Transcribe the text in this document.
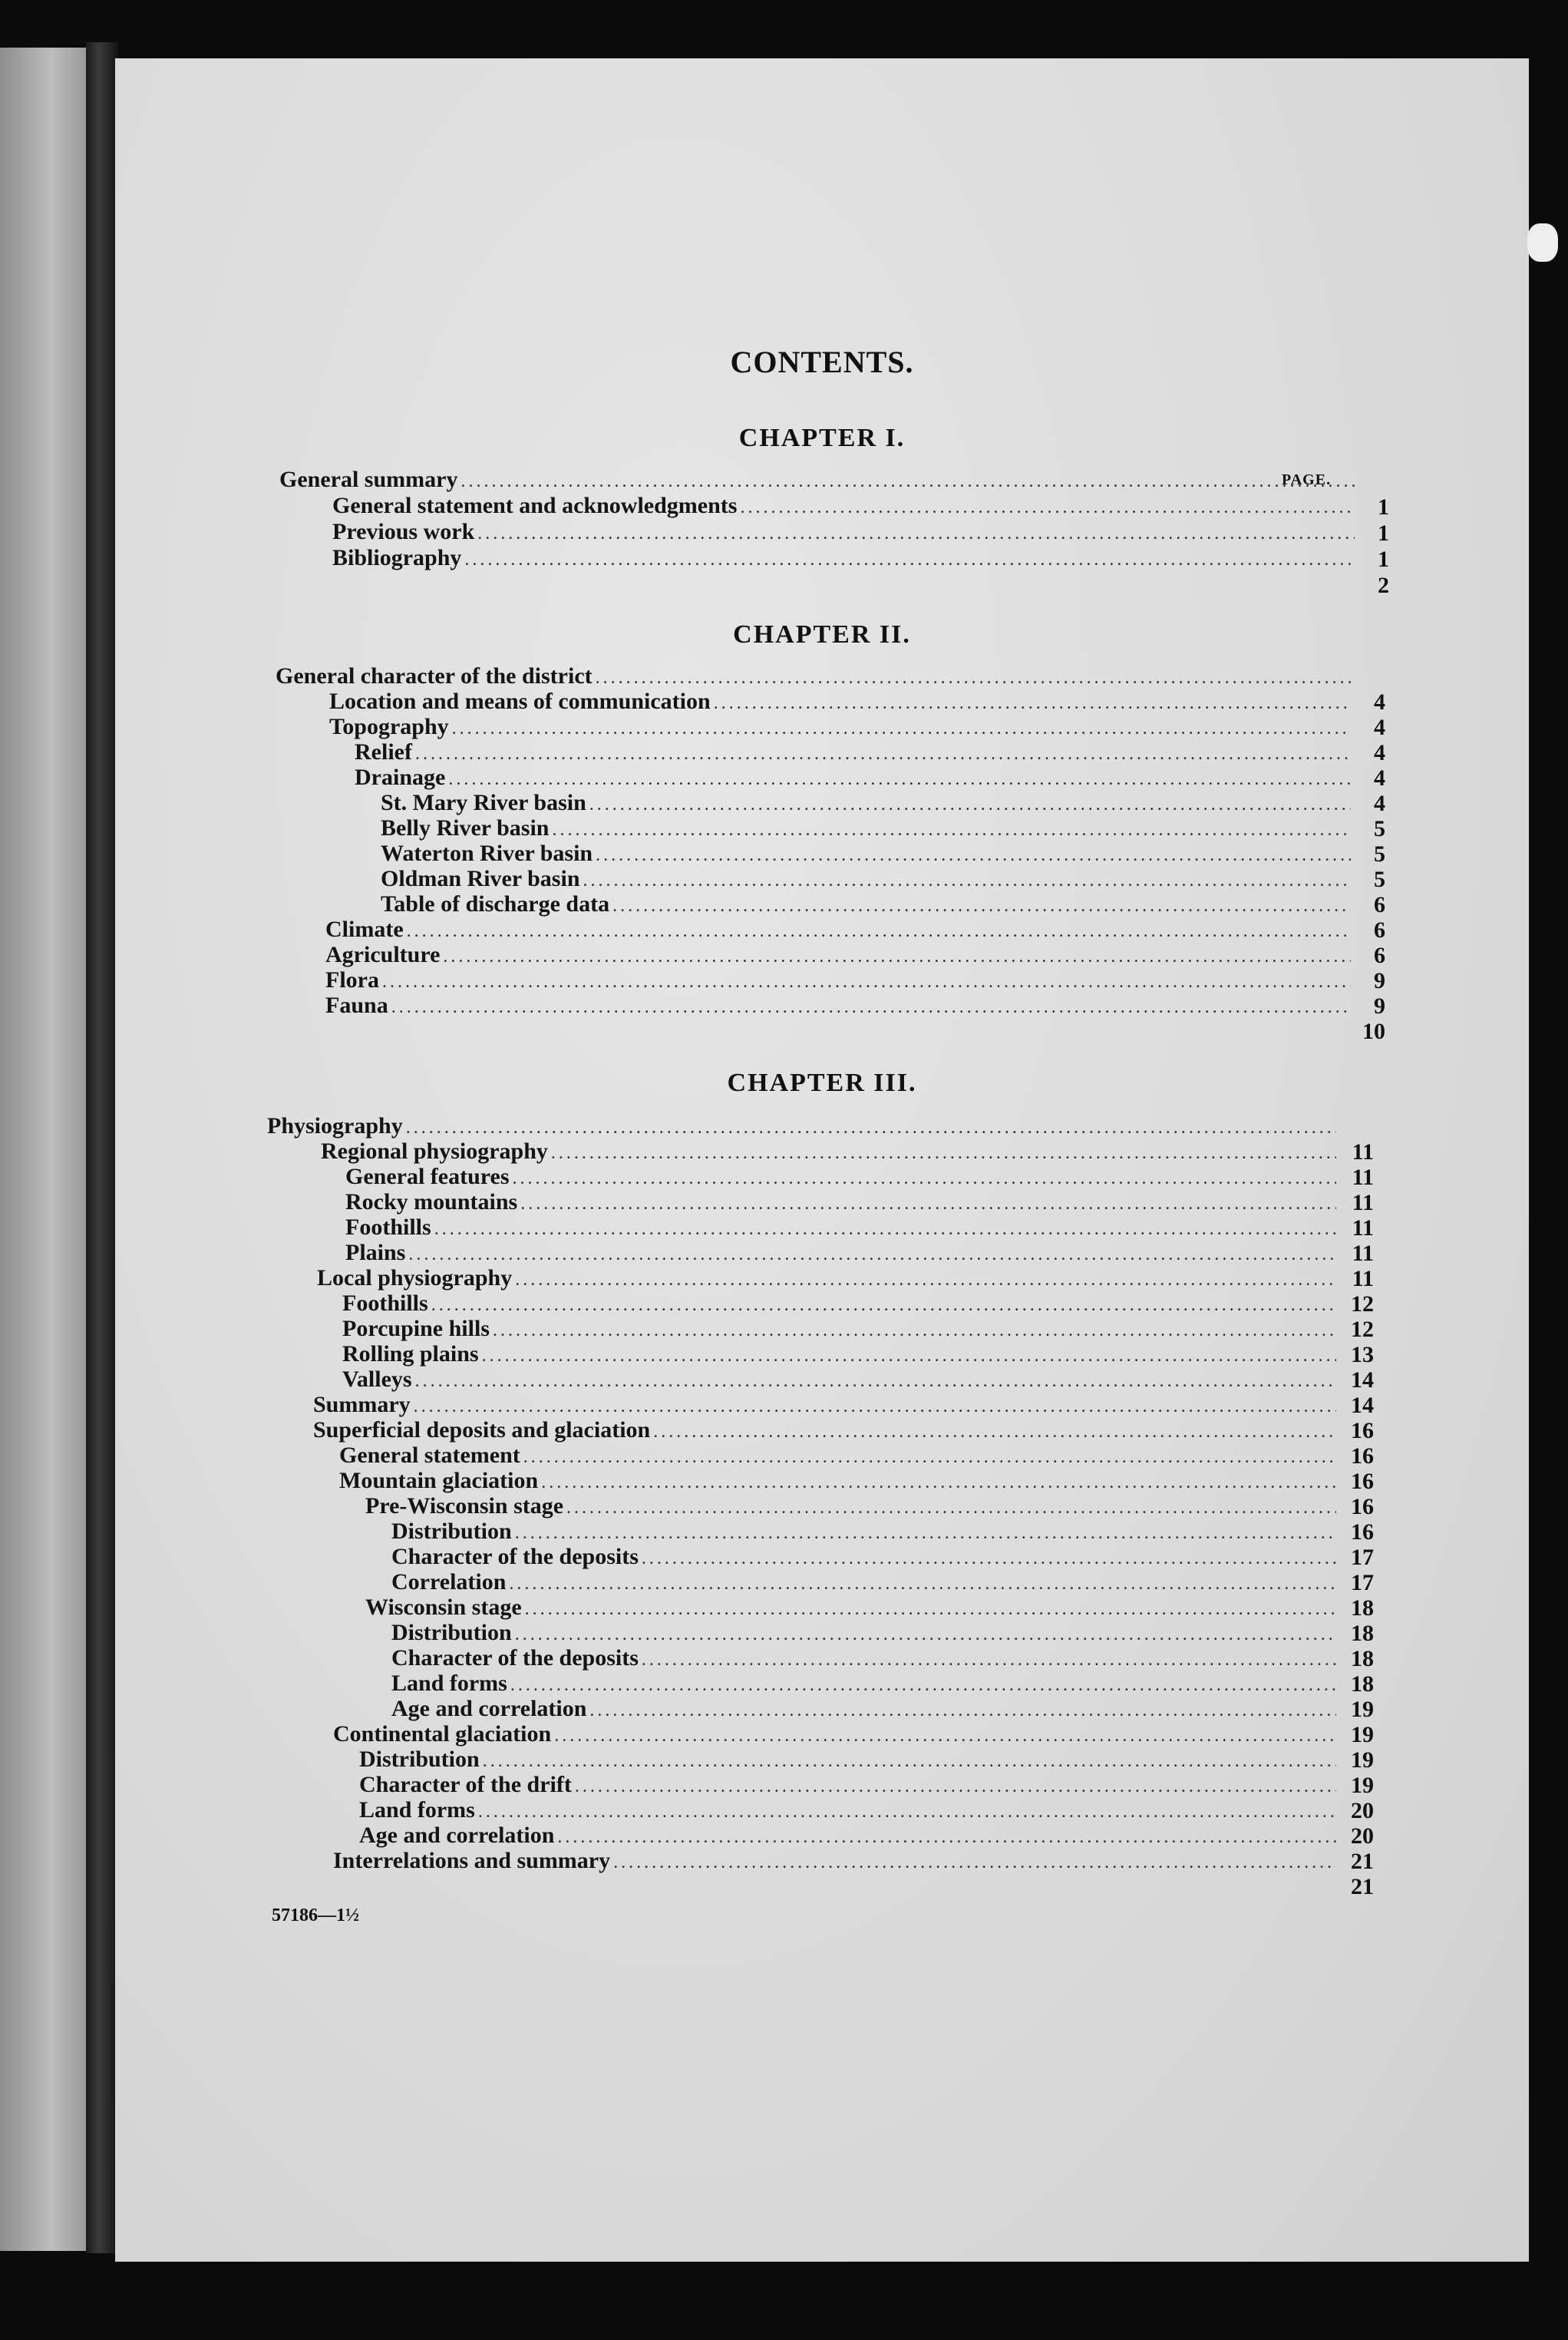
CONTENTS.
CHAPTER I.
PAGE.
General summary
.....
General statement and acknowledgments
.....
Previous work
.....
Bibliography
.....
1
1
1
2
CHAPTER II.
General character of the district
.....
Location and means of communication
.....
Topography
.....
Relief
.....
Drainage
.....
St. Mary River basin
.....
Belly River basin
.....
Waterton River basin
.....
Oldman River basin
.....
Table of discharge data
.....
Climate
.....
Agriculture
.....
Flora
.....
Fauna
.....
4
4
4
4
4
5
5
5
6
6
6
9
9
10
CHAPTER III.
Physiography
.....
Regional physiography
.....
General features
.....
Rocky mountains
.....
Foothills
.....
Plains
.....
Local physiography
.....
Foothills
.....
Porcupine hills
.....
Rolling plains
.....
Valleys
.....
Summary
.....
Superficial deposits and glaciation
.....
General statement
.....
Mountain glaciation
.....
Pre-Wisconsin stage
.....
Distribution
.....
Character of the deposits
.....
Correlation
.....
Wisconsin stage
.....
Distribution
.....
Character of the deposits
.....
Land forms
.....
Age and correlation
.....
Continental glaciation
.....
Distribution
.....
Character of the drift
.....
Land forms
.....
Age and correlation
.....
Interrelations and summary
.....
11
11
11
11
11
11
12
12
13
14
14
16
16
16
16
16
17
17
18
18
18
18
19
19
19
19
20
20
21
21
57186—1½
